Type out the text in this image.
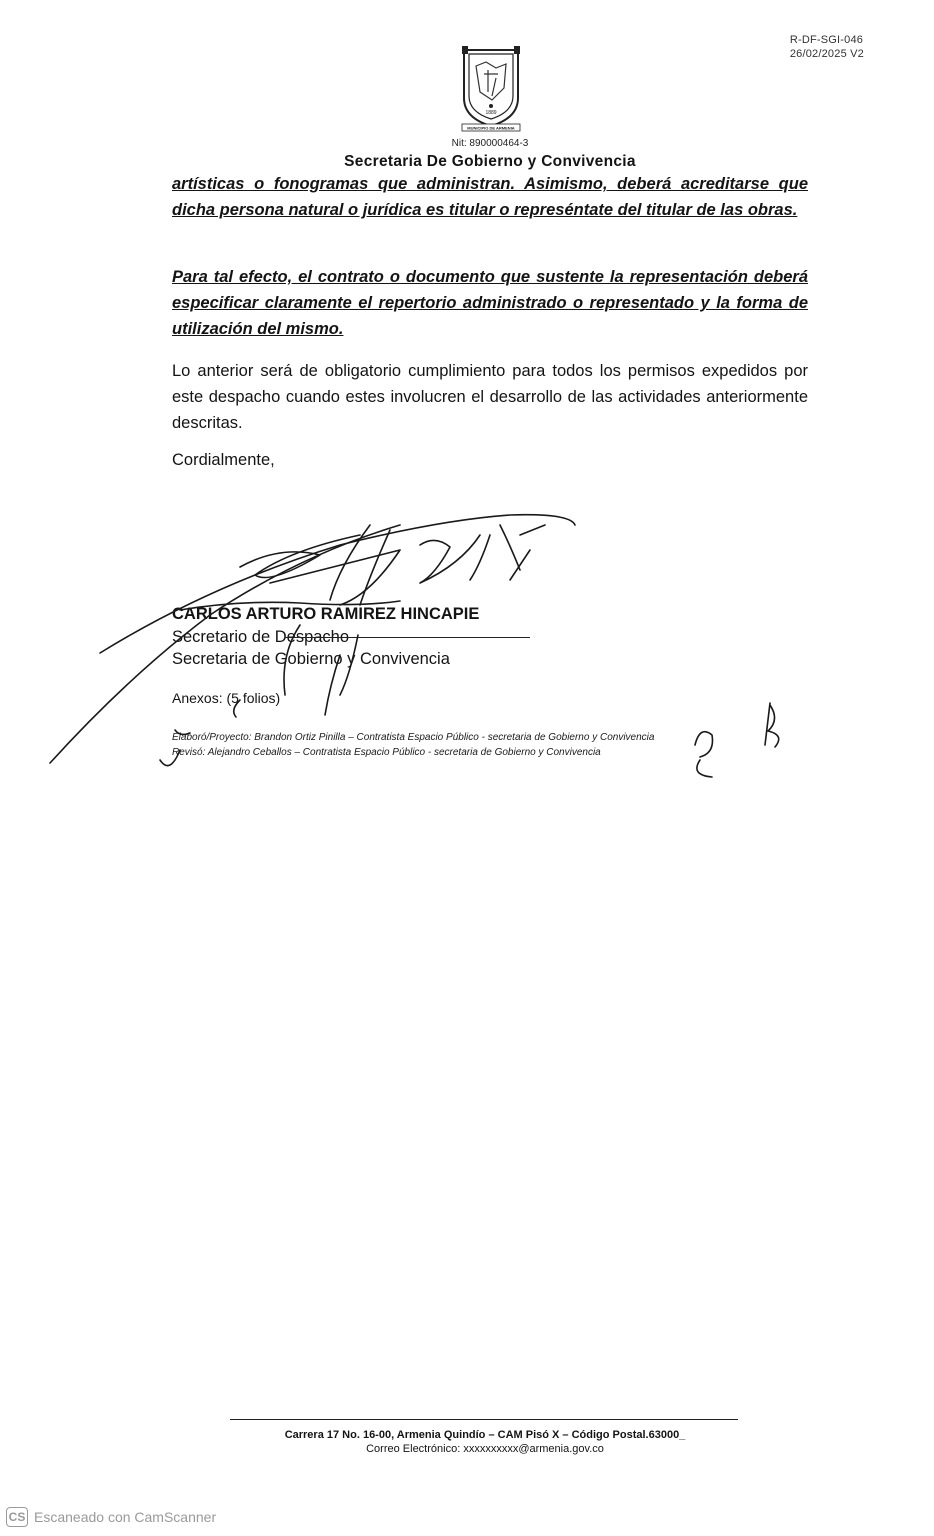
R-DF-SGI-046
26/02/2025 V2
1889
MUNICIPIO DE ARMENIA
Nit: 890000464-3
Secretaria De Gobierno y Convivencia
artísticas o fonogramas que administran. Asimismo, deberá acreditarse que dicha persona natural o jurídica es titular o represéntate del titular de las obras.
Para tal efecto, el contrato o documento que sustente la representación deberá especificar claramente el repertorio administrado o representado y la forma de utilización del mismo.
Lo anterior será de obligatorio cumplimiento para todos los permisos expedidos por este despacho cuando estes involucren el desarrollo de las actividades anteriormente descritas.
Cordialmente,
CARLOS ARTURO RAMIREZ HINCAPIE
Secretario de Despacho
Secretaria de Gobierno y Convivencia
Anexos: (5 folios)
Elaboró/Proyecto: Brandon Ortiz Pinilla – Contratista Espacio Público - secretaria de Gobierno y Convivencia
Revisó: Alejandro Ceballos – Contratista Espacio Público - secretaria de Gobierno y Convivencia
Carrera 17 No. 16-00, Armenia Quindío – CAM Pisó X – Código Postal.63000_
Correo Electrónico: xxxxxxxxxx@armenia.gov.co
CS Escaneado con CamScanner
